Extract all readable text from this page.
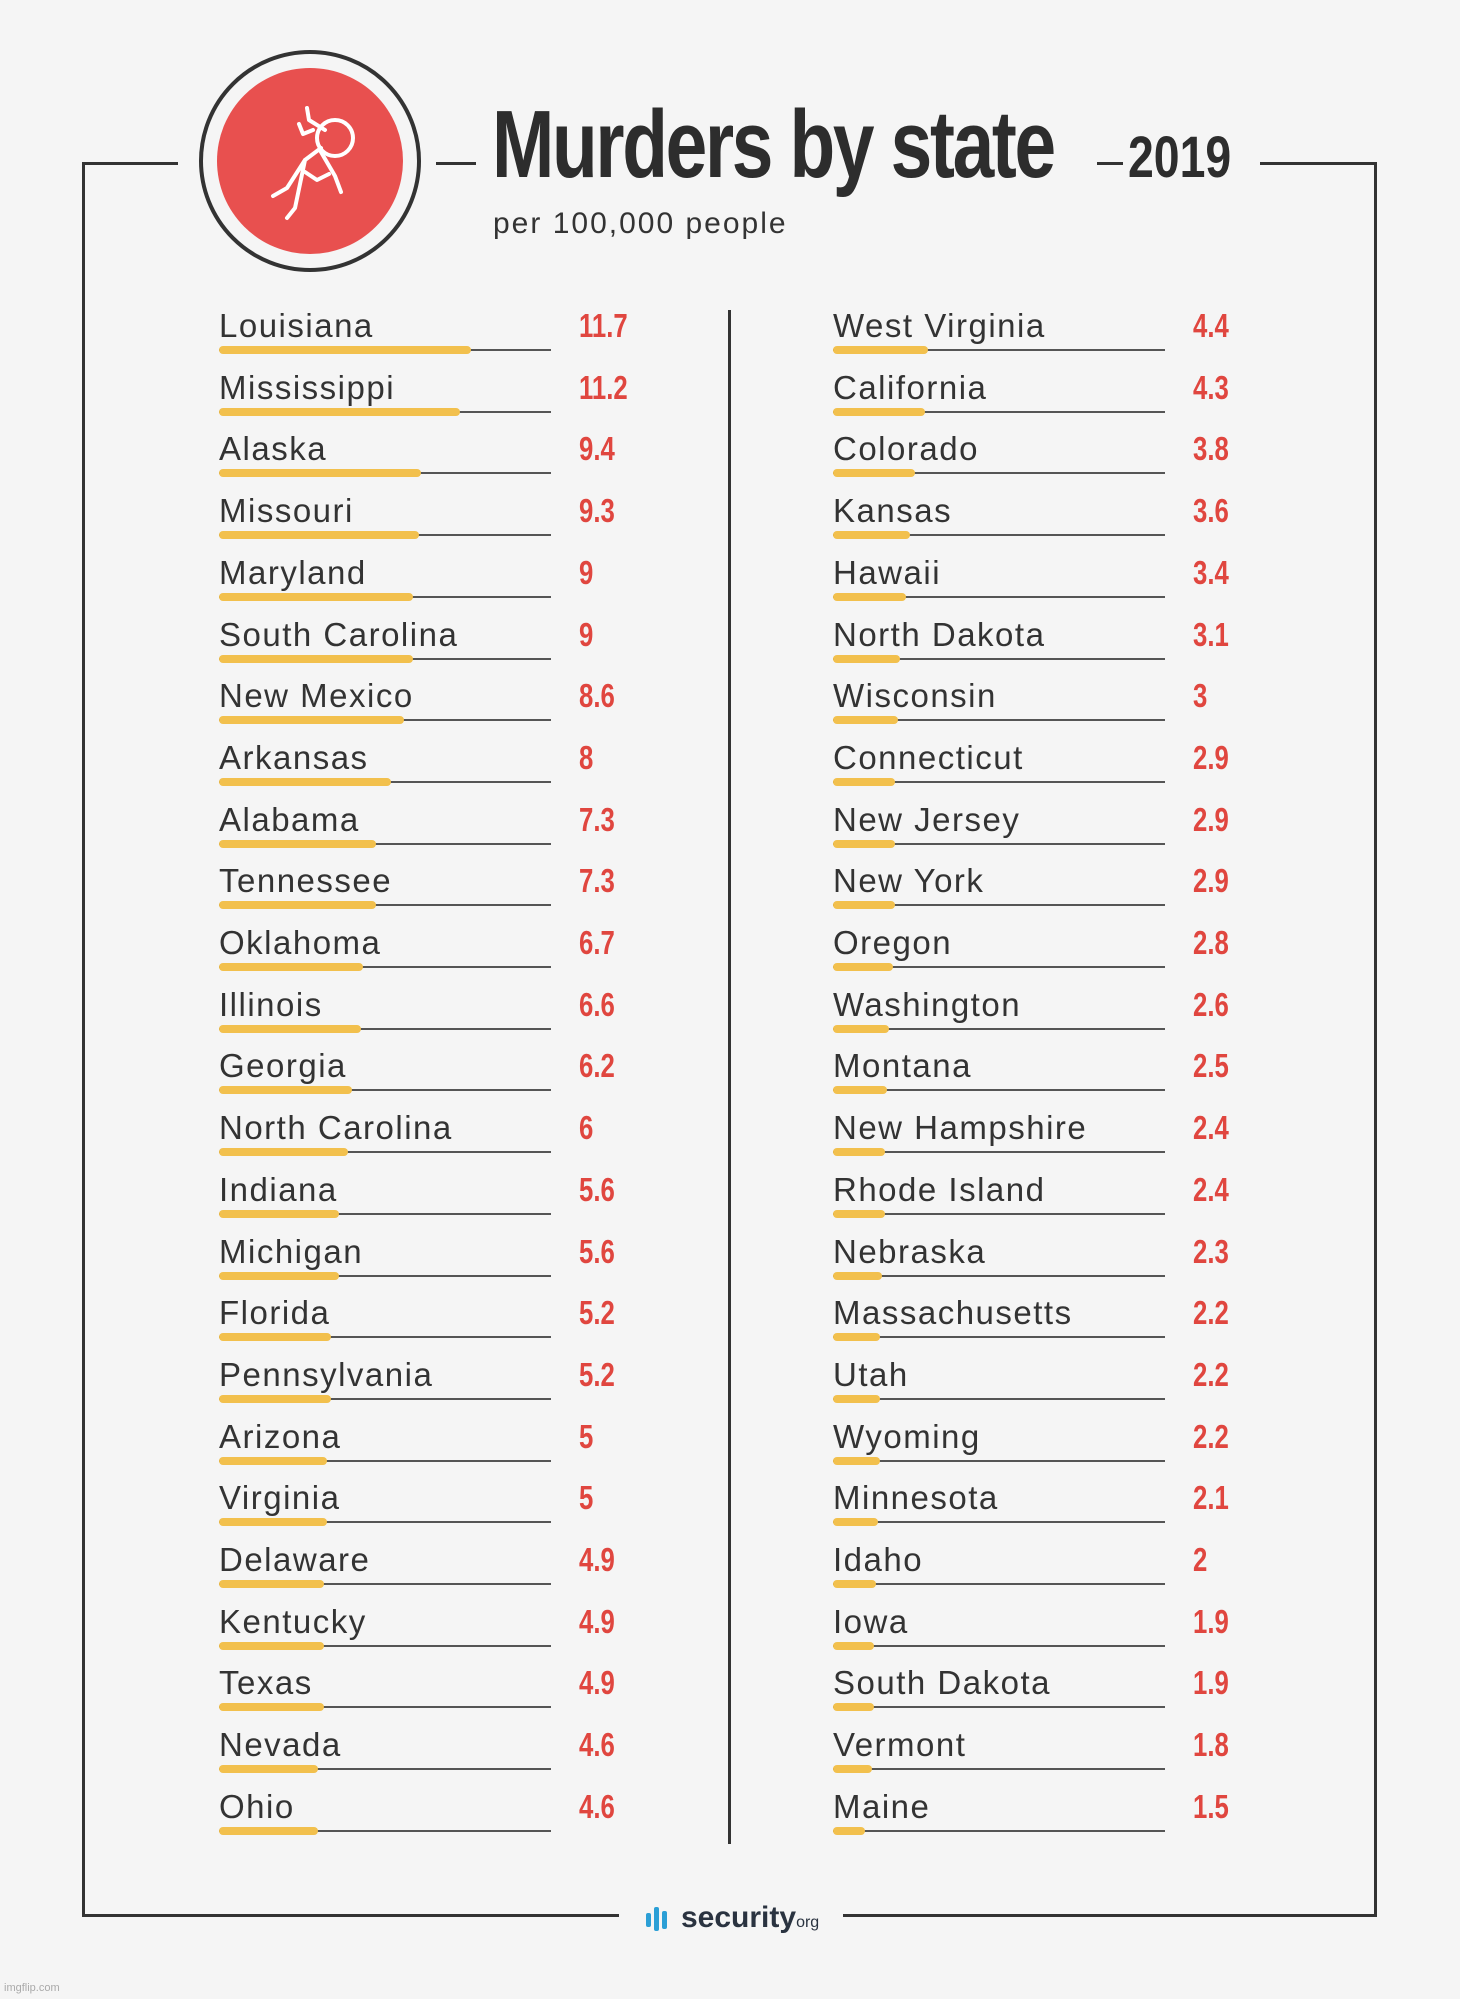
Murders by state 2019
per 100,000 people
Louisiana	11.7
Mississippi	11.2
Alaska	9.4
Missouri	9.3
Maryland	9
South Carolina	9
New Mexico	8.6
Arkansas	8
Alabama	7.3
Tennessee	7.3
Oklahoma	6.7
Illinois	6.6
Georgia	6.2
North Carolina	6
Indiana	5.6
Michigan	5.6
Florida	5.2
Pennsylvania	5.2
Arizona	5
Virginia	5
Delaware	4.9
Kentucky	4.9
Texas	4.9
Nevada	4.6
Ohio	4.6
West Virginia	4.4
California	4.3
Colorado	3.8
Kansas	3.6
Hawaii	3.4
North Dakota	3.1
Wisconsin	3
Connecticut	2.9
New Jersey	2.9
New York	2.9
Oregon	2.8
Washington	2.6
Montana	2.5
New Hampshire	2.4
Rhode Island	2.4
Nebraska	2.3
Massachusetts	2.2
Utah	2.2
Wyoming	2.2
Minnesota	2.1
Idaho	2
Iowa	1.9
South Dakota	1.9
Vermont	1.8
Maine	1.5
securityorg
imgflip.com
